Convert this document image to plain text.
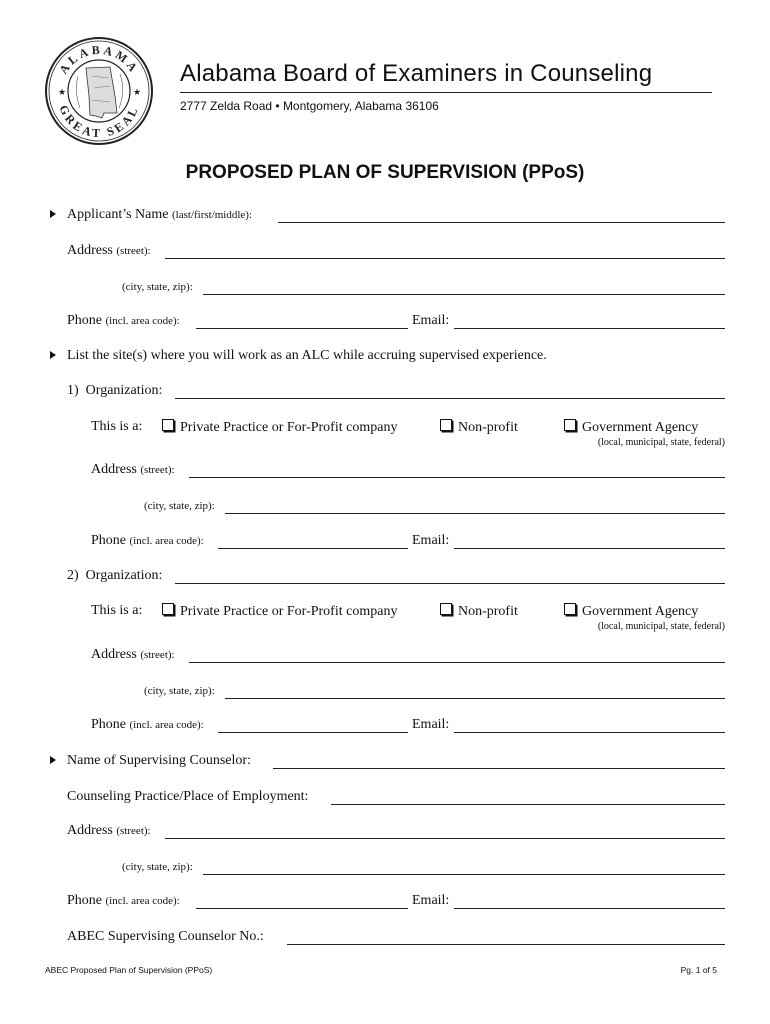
ALABAMA
GREAT SEAL
★	★
Alabama Board of Examiners in Counseling
2777 Zelda Road • Montgomery, Alabama 36106
PROPOSED PLAN OF SUPERVISION (PPoS)
Applicant’s Name
(last/first/middle):
Address
(street):
(city, state, zip):
Phone
(incl. area code):	Email:
List the site(s) where you will work as an ALC while accruing supervised experience.
1)
Organization:
This is a:	Private Practice or For-Profit company	Non-profit	Government Agency
(local, municipal, state, federal)
Address
(street):
(city, state, zip):
Phone
(incl. area code):	Email:
2)
Organization:
This is a:	Private Practice or For-Profit company	Non-profit	Government Agency
(local, municipal, state, federal)
Address
(street):
(city, state, zip):
Phone
(incl. area code):	Email:
Name of Supervising Counselor:
Counseling Practice/Place of Employment:
Address
(street):
(city, state, zip):
Phone
(incl. area code):	Email:
ABEC Supervising Counselor No.:
ABEC Proposed Plan of Supervision (PPoS)	Pg. 1 of 5
